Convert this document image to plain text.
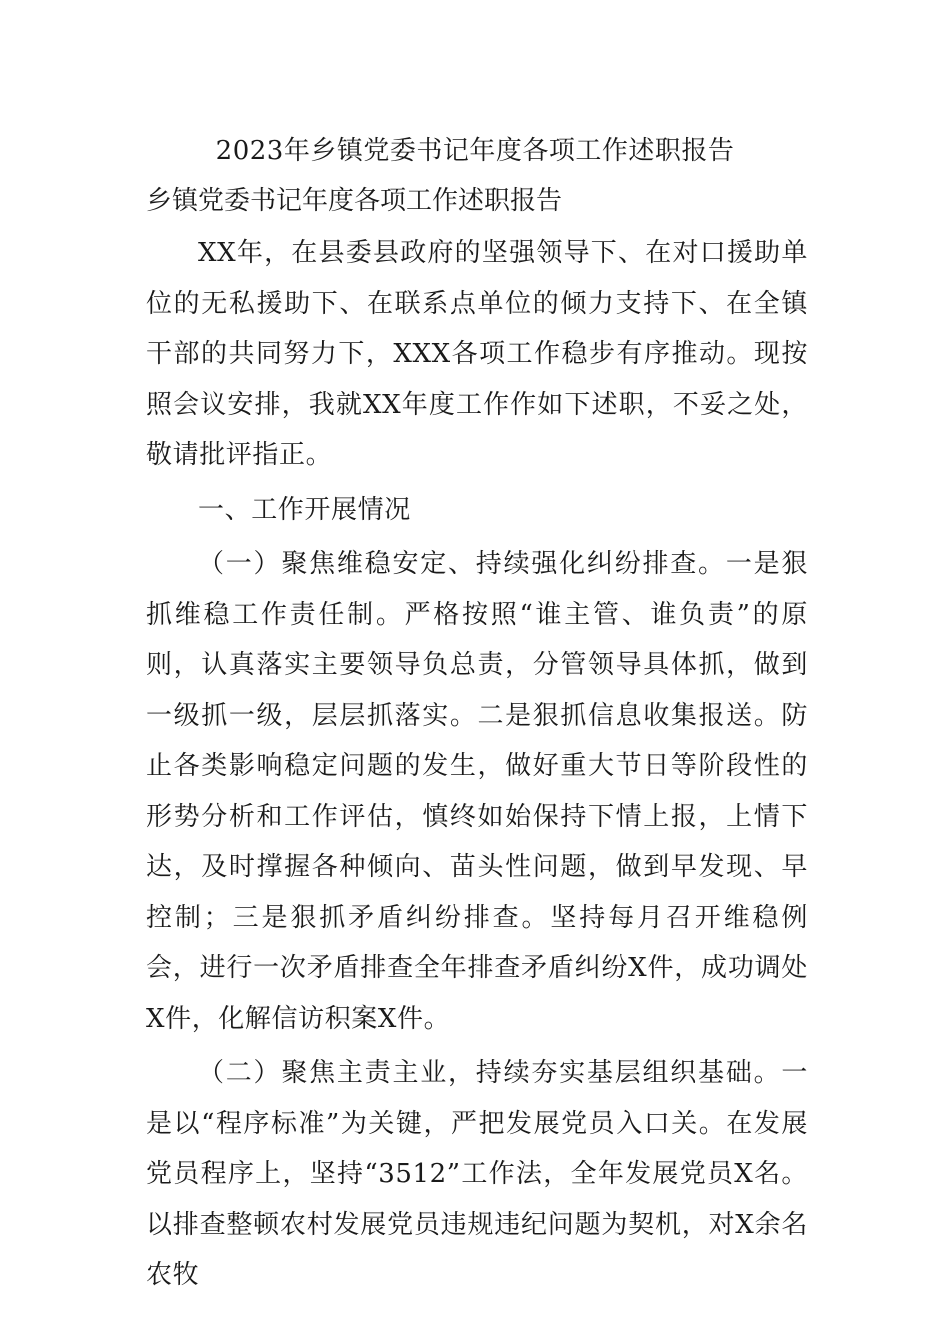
2023年乡镇党委书记年度各项工作述职报告
乡镇党委书记年度各项工作述职报告

XX年，在县委县政府的坚强领导下、在对口援助单位的无私援助下、在联系点单位的倾力支持下、在全镇干部的共同努力下，XXX各项工作稳步有序推动。现按照会议安排，我就XX年度工作作如下述职，不妥之处，敬请批评指正。

一、工作开展情况

（一）聚焦维稳安定、持续强化纠纷排查。一是狠抓维稳工作责任制。严格按照“谁主管、谁负责”的原则，认真落实主要领导负总责，分管领导具体抓，做到一级抓一级，层层抓落实。二是狠抓信息收集报送。防止各类影响稳定问题的发生，做好重大节日等阶段性的形势分析和工作评估，慎终如始保持下情上报，上情下达，及时撑握各种倾向、苗头性问题，做到早发现、早控制；三是狠抓矛盾纠纷排查。坚持每月召开维稳例会，进行一次矛盾排查全年排查矛盾纠纷X件，成功调处X件，化解信访积案X件。

（二）聚焦主责主业，持续夯实基层组织基础。一是以“程序标准”为关键，严把发展党员入口关。在发展党员程序上，坚持“3512”工作法，全年发展党员X名。以排查整顿农村发展党员违规违纪问题为契机，对X余名农牧
